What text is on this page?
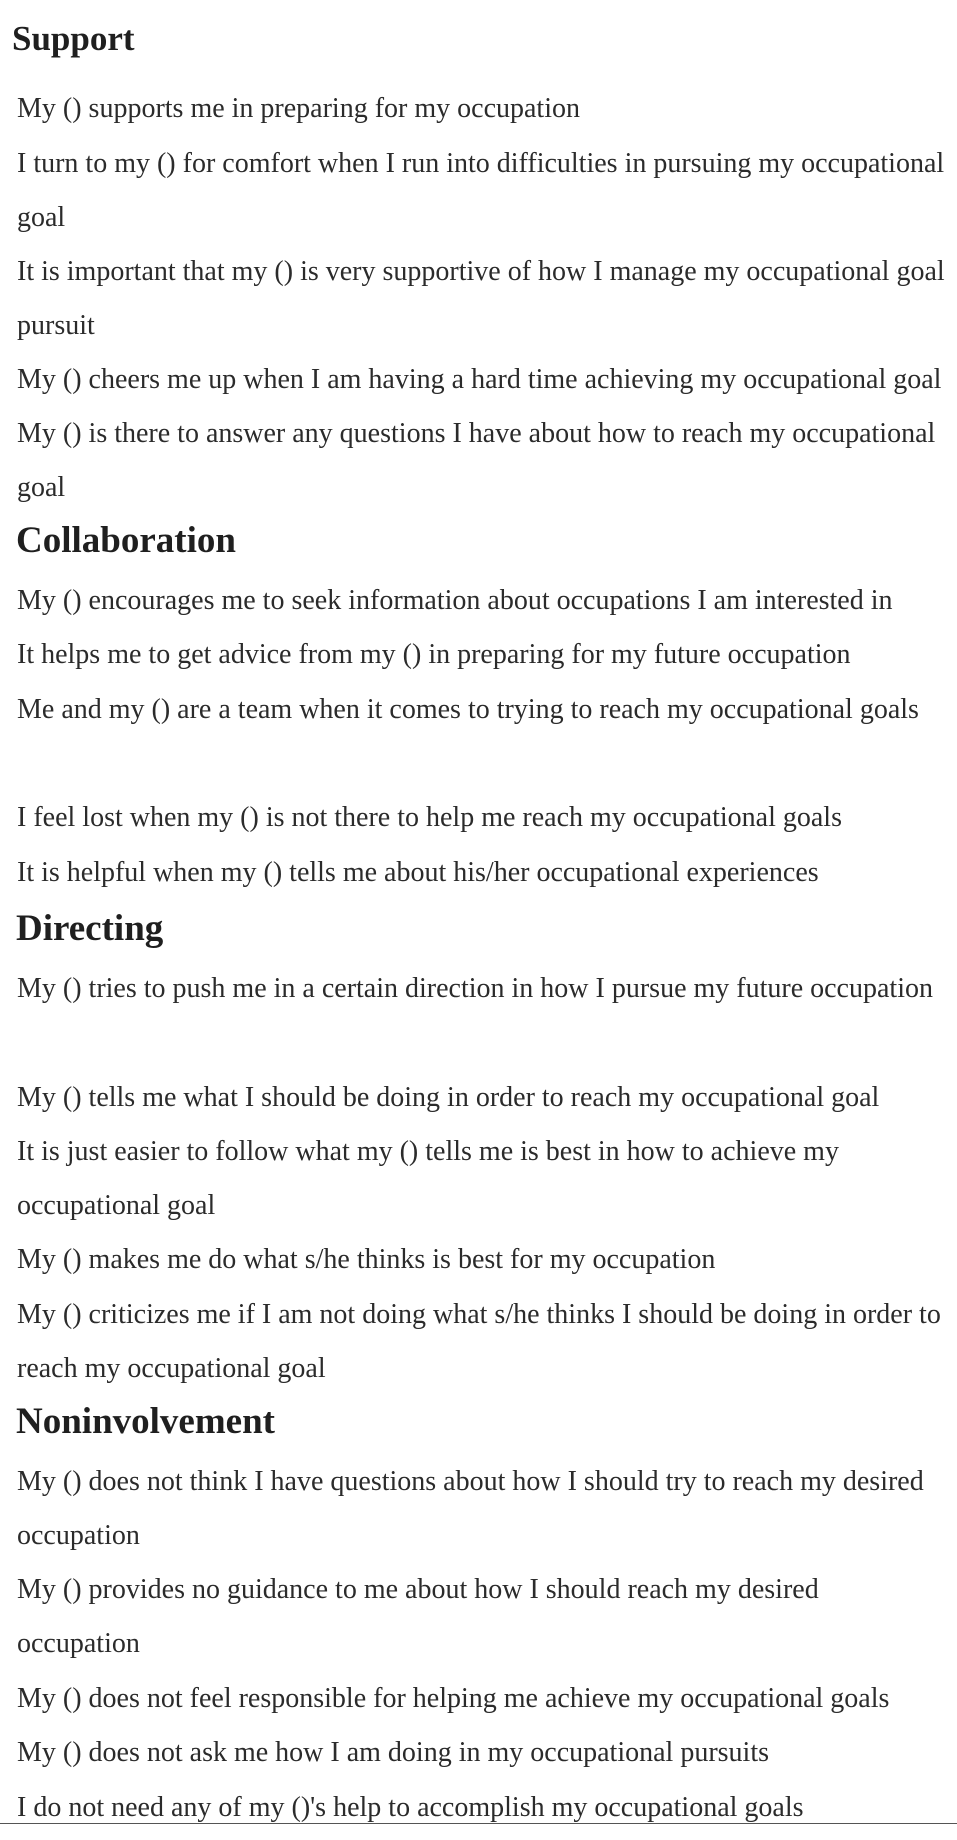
Support
My () supports me in preparing for my occupation
I turn to my () for comfort when I run into difficulties in pursuing my occupational goal
It is important that my () is very supportive of how I manage my occupational goal pursuit
My () cheers me up when I am having a hard time achieving my occupational goal
My () is there to answer any questions I have about how to reach my occupational goal
Collaboration
My () encourages me to seek information about occupations I am interested in
It helps me to get advice from my () in preparing for my future occupation
Me and my () are a team when it comes to trying to reach my occupational goals
I feel lost when my () is not there to help me reach my occupational goals
It is helpful when my () tells me about his/her occupational experiences
Directing
My () tries to push me in a certain direction in how I pursue my future occupation
My () tells me what I should be doing in order to reach my occupational goal
It is just easier to follow what my () tells me is best in how to achieve my occupational goal
My () makes me do what s/he thinks is best for my occupation
My () criticizes me if I am not doing what s/he thinks I should be doing in order to reach my occupational goal
Noninvolvement
My () does not think I have questions about how I should try to reach my desired occupation
My () provides no guidance to me about how I should reach my desired occupation
My () does not feel responsible for helping me achieve my occupational goals
My () does not ask me how I am doing in my occupational pursuits
I do not need any of my ()'s help to accomplish my occupational goals
